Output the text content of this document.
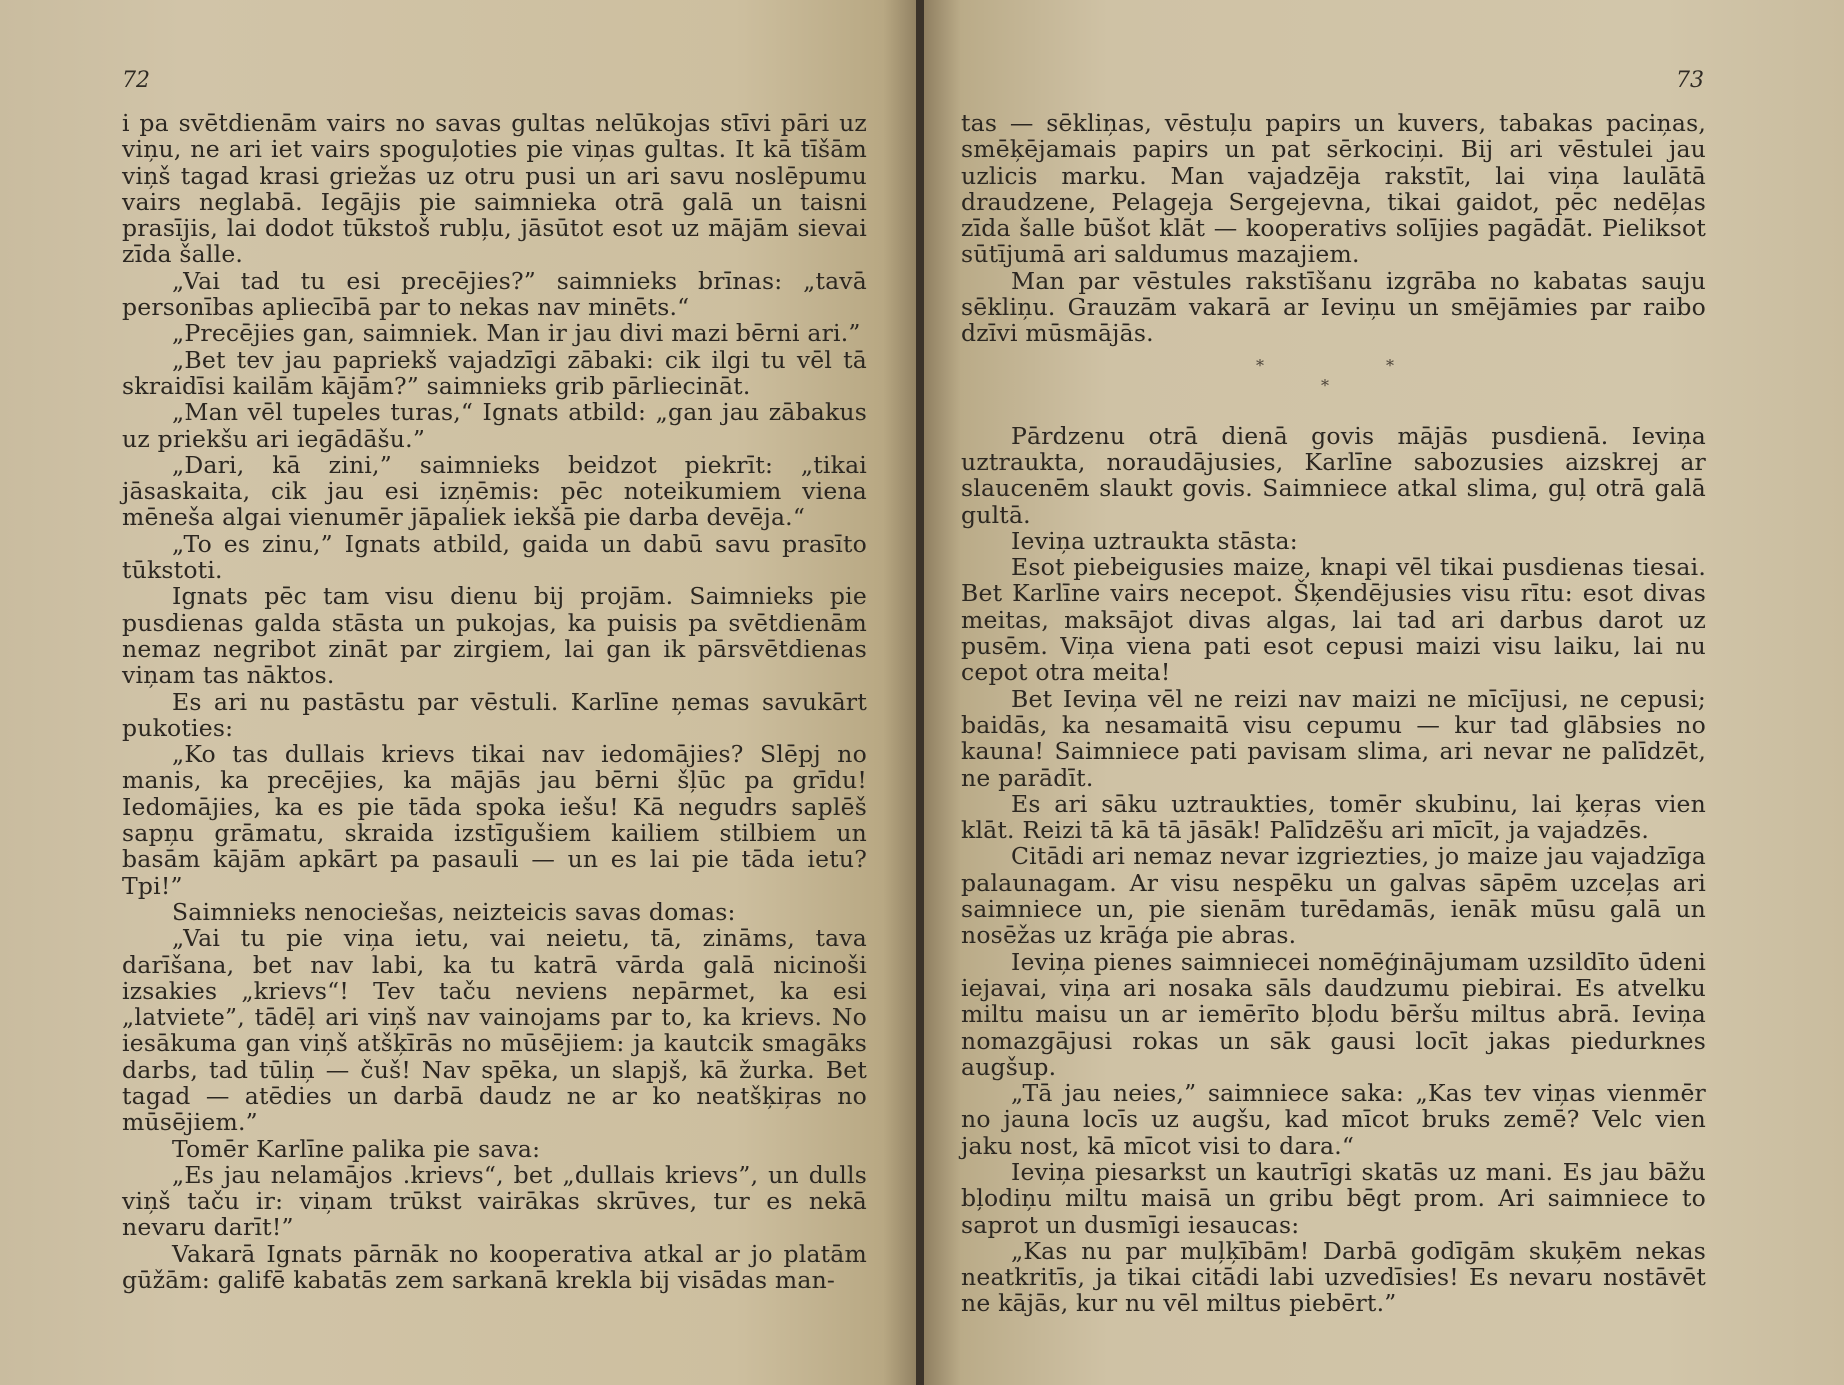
72

i pa svētdienām vairs no savas gultas nelūkojas stīvi pāri uz viņu, ne ari iet vairs spoguļoties pie viņas gultas. It kā tīšām viņš tagad krasi griežas uz otru pusi un ari savu noslēpumu vairs neglabā. Iegājis pie saimnieka otrā galā un taisni prasījis, lai dodot tūkstoš rubļu, jāsūtot esot uz mājām sievai zīda šalle.

„Vai tad tu esi precējies?” saimnieks brīnas: „tavā personības apliecībā par to nekas nav minēts.“

„Precējies gan, saimniek. Man ir jau divi mazi bērni ari.”

„Bet tev jau papriekš vajadzīgi zābaki: cik ilgi tu vēl tā skraidīsi kailām kājām?” saimnieks grib pārliecināt.

„Man vēl tupeles turas,“ Ignats atbild: „gan jau zābakus uz priekšu ari iegādāšu.”

„Dari, kā zini,” saimnieks beidzot piekrīt: „tikai jāsaskaita, cik jau esi izņēmis: pēc noteikumiem viena mēneša algai vienumēr jāpaliek iekšā pie darba devēja.“

„To es zinu,” Ignats atbild, gaida un dabū savu prasīto tūkstoti.

Ignats pēc tam visu dienu bij projām. Saimnieks pie pusdienas galda stāsta un pukojas, ka puisis pa svētdienām nemaz negribot zināt par zirgiem, lai gan ik pārsvētdienas viņam tas nāktos.

Es ari nu pastāstu par vēstuli. Karlīne ņemas savukārt pukoties:

„Ko tas dullais krievs tikai nav iedomājies? Slēpj no manis, ka precējies, ka mājās jau bērni šļūc pa grīdu! Iedomājies, ka es pie tāda spoka iešu! Kā negudrs saplēš sapņu grāmatu, skraida izstīgušiem kailiem stilbiem un basām kājām apkārt pa pasauli — un es lai pie tāda ietu? Tpi!”

Saimnieks nenociešas, neizteicis savas domas:

„Vai tu pie viņa ietu, vai neietu, tā, zināms, tava darīšana, bet nav labi, ka tu katrā vārda galā nicinoši izsakies „krievs“! Tev taču neviens nepārmet, ka esi „latviete”, tādēļ ari viņš nav vainojams par to, ka krievs. No iesākuma gan viņš atšķīrās no mūsējiem: ja kautcik smagāks darbs, tad tūliņ — čuš! Nav spēka, un slapjš, kā žurka. Bet tagad — atēdies un darbā daudz ne ar ko neatšķiŗas no mūsējiem.”

Tomēr Karlīne palika pie sava:

„Es jau nelamājos .krievs“, bet „dullais krievs”, un dulls viņš taču ir: viņam trūkst vairākas skrūves, tur es nekā nevaru darīt!”

Vakarā Ignats pārnāk no kooperativa atkal ar jo platām gūžām: galifē kabatās zem sarkanā krekla bij visādas man-

73

tas — sēkliņas, vēstuļu papirs un kuvers, tabakas paciņas, smēķējamais papirs un pat sērkociņi. Bij ari vēstulei jau uzlicis marku. Man vajadzēja rakstīt, lai viņa laulātā draudzene, Pelageja Sergejevna, tikai gaidot, pēc nedēļas zīda šalle būšot klāt — kooperativs solījies pagādāt. Pieliksot sūtījumā ari saldumus mazajiem.

Man par vēstules rakstīšanu izgrāba no kabatas sauju sēkliņu. Grauzām vakarā ar Ieviņu un smējāmies par raibo dzīvi mūsmājās.

*	*
*

Pārdzenu otrā dienā govis mājās pusdienā. Ieviņa uztraukta, noraudājusies, Karlīne sabozusies aizskrej ar slaucenēm slaukt govis. Saimniece atkal slima, guļ otrā galā gultā.

Ieviņa uztraukta stāsta:

Esot piebeigusies maize, knapi vēl tikai pusdienas tiesai. Bet Karlīne vairs necepot. Šķendējusies visu rītu: esot divas meitas, maksājot divas algas, lai tad ari darbus darot uz pusēm. Viņa viena pati esot cepusi maizi visu laiku, lai nu cepot otra meita!

Bet Ieviņa vēl ne reizi nav maizi ne mīcījusi, ne cepusi; baidās, ka nesamaitā visu cepumu — kur tad glābsies no kauna! Saimniece pati pavisam slima, ari nevar ne palīdzēt, ne parādīt.

Es ari sāku uztraukties, tomēr skubinu, lai ķeŗas vien klāt. Reizi tā kā tā jāsāk! Palīdzēšu ari mīcīt, ja vajadzēs.

Citādi ari nemaz nevar izgriezties, jo maize jau vajadzīga palaunagam. Ar visu nespēku un galvas sāpēm uzceļas ari saimniece un, pie sienām turēdamās, ienāk mūsu galā un nosēžas uz krāģa pie abras.

Ieviņa pienes saimniecei nomēģinājumam uzsildīto ūdeni iejavai, viņa ari nosaka sāls daudzumu piebirai. Es atvelku miltu maisu un ar iemērīto bļodu bēršu miltus abrā. Ieviņa nomazgājusi rokas un sāk gausi locīt jakas piedurknes augšup.

„Tā jau neies,” saimniece saka: „Kas tev viņas vienmēr no jauna locīs uz augšu, kad mīcot bruks zemē? Velc vien jaku nost, kā mīcot visi to dara.“

Ieviņa piesarkst un kautrīgi skatās uz mani. Es jau bāžu bļodiņu miltu maisā un gribu bēgt prom. Ari saimniece to saprot un dusmīgi iesaucas:

„Kas nu par muļķībām! Darbā godīgām skuķēm nekas neatkritīs, ja tikai citādi labi uzvedīsies! Es nevaru nostāvēt ne kājās, kur nu vēl miltus piebērt.”
